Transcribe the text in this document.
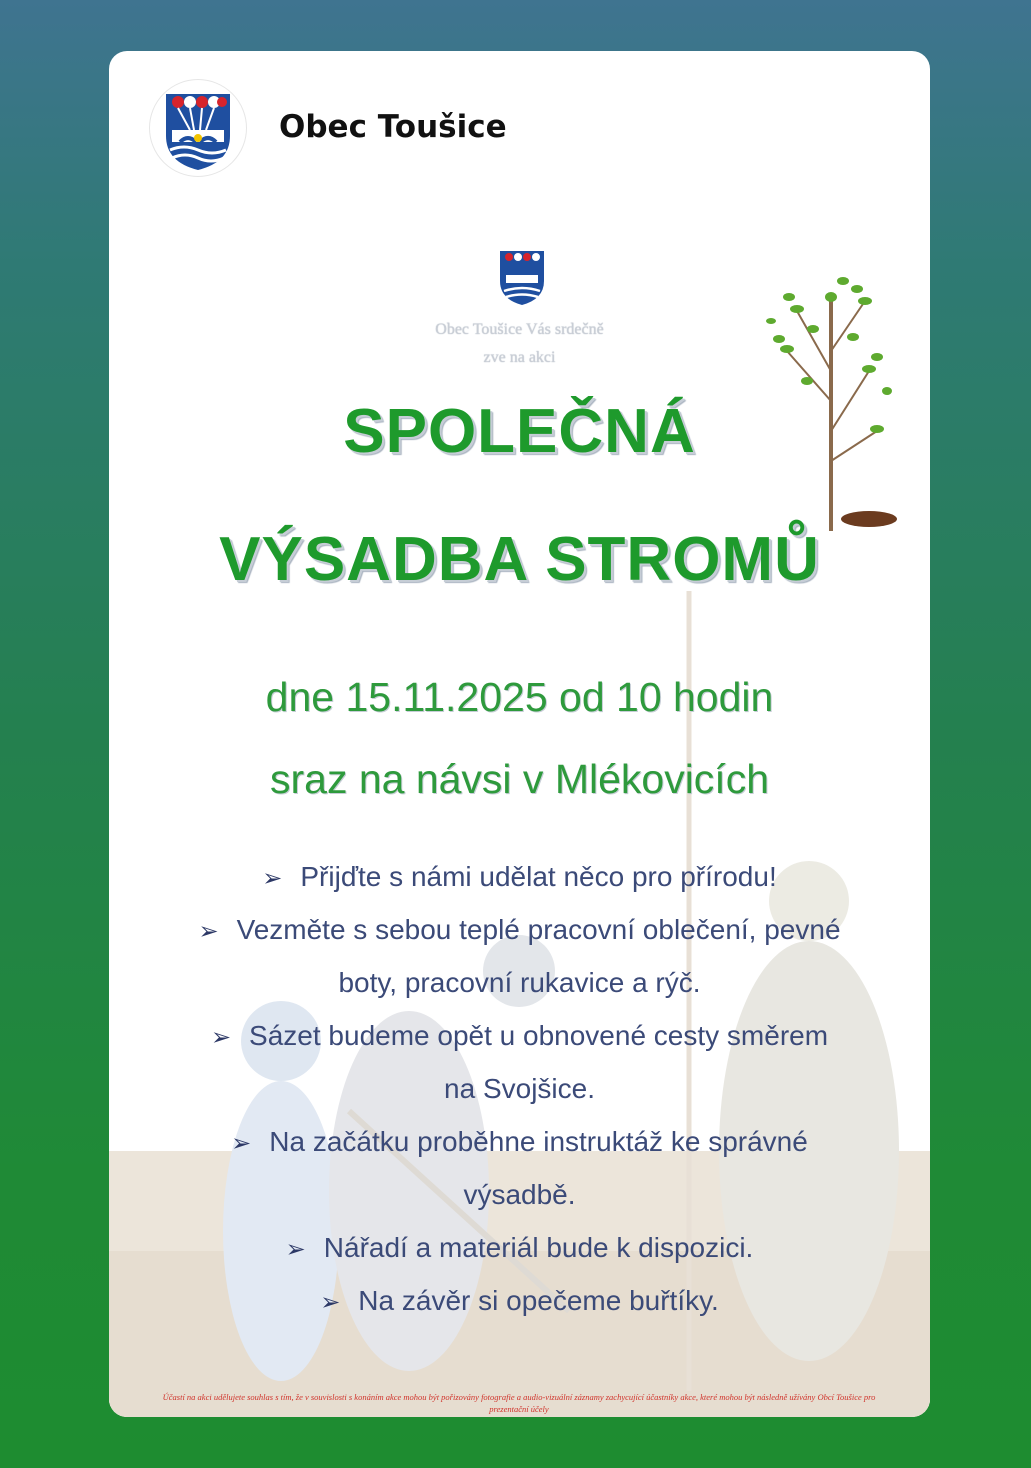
Obec Toušice
Obec Toušice Vás srdečně
zve na akci
SPOLEČNÁ
VÝSADBA STROMŮ
dne 15.11.2025 od 10 hodin
sraz na návsi v Mlékovicích
➢ Přijďte s námi udělat něco pro přírodu!
➢ Vezměte s sebou teplé pracovní oblečení, pevné
boty, pracovní rukavice a rýč.
➢ Sázet budeme opět u obnovené cesty směrem
na Svojšice.
➢ Na začátku proběhne instruktáž ke správné
výsadbě.
➢ Nářadí a materiál bude k dispozici.
➢ Na závěr si opečeme buřtíky.
Účastí na akci udělujete souhlas s tím, že v souvislosti s konáním akce mohou být pořizovány fotografie a audio-vizuální záznamy zachycující účastníky akce, které mohou být následně užívány Obcí Toušice pro prezentační účely
